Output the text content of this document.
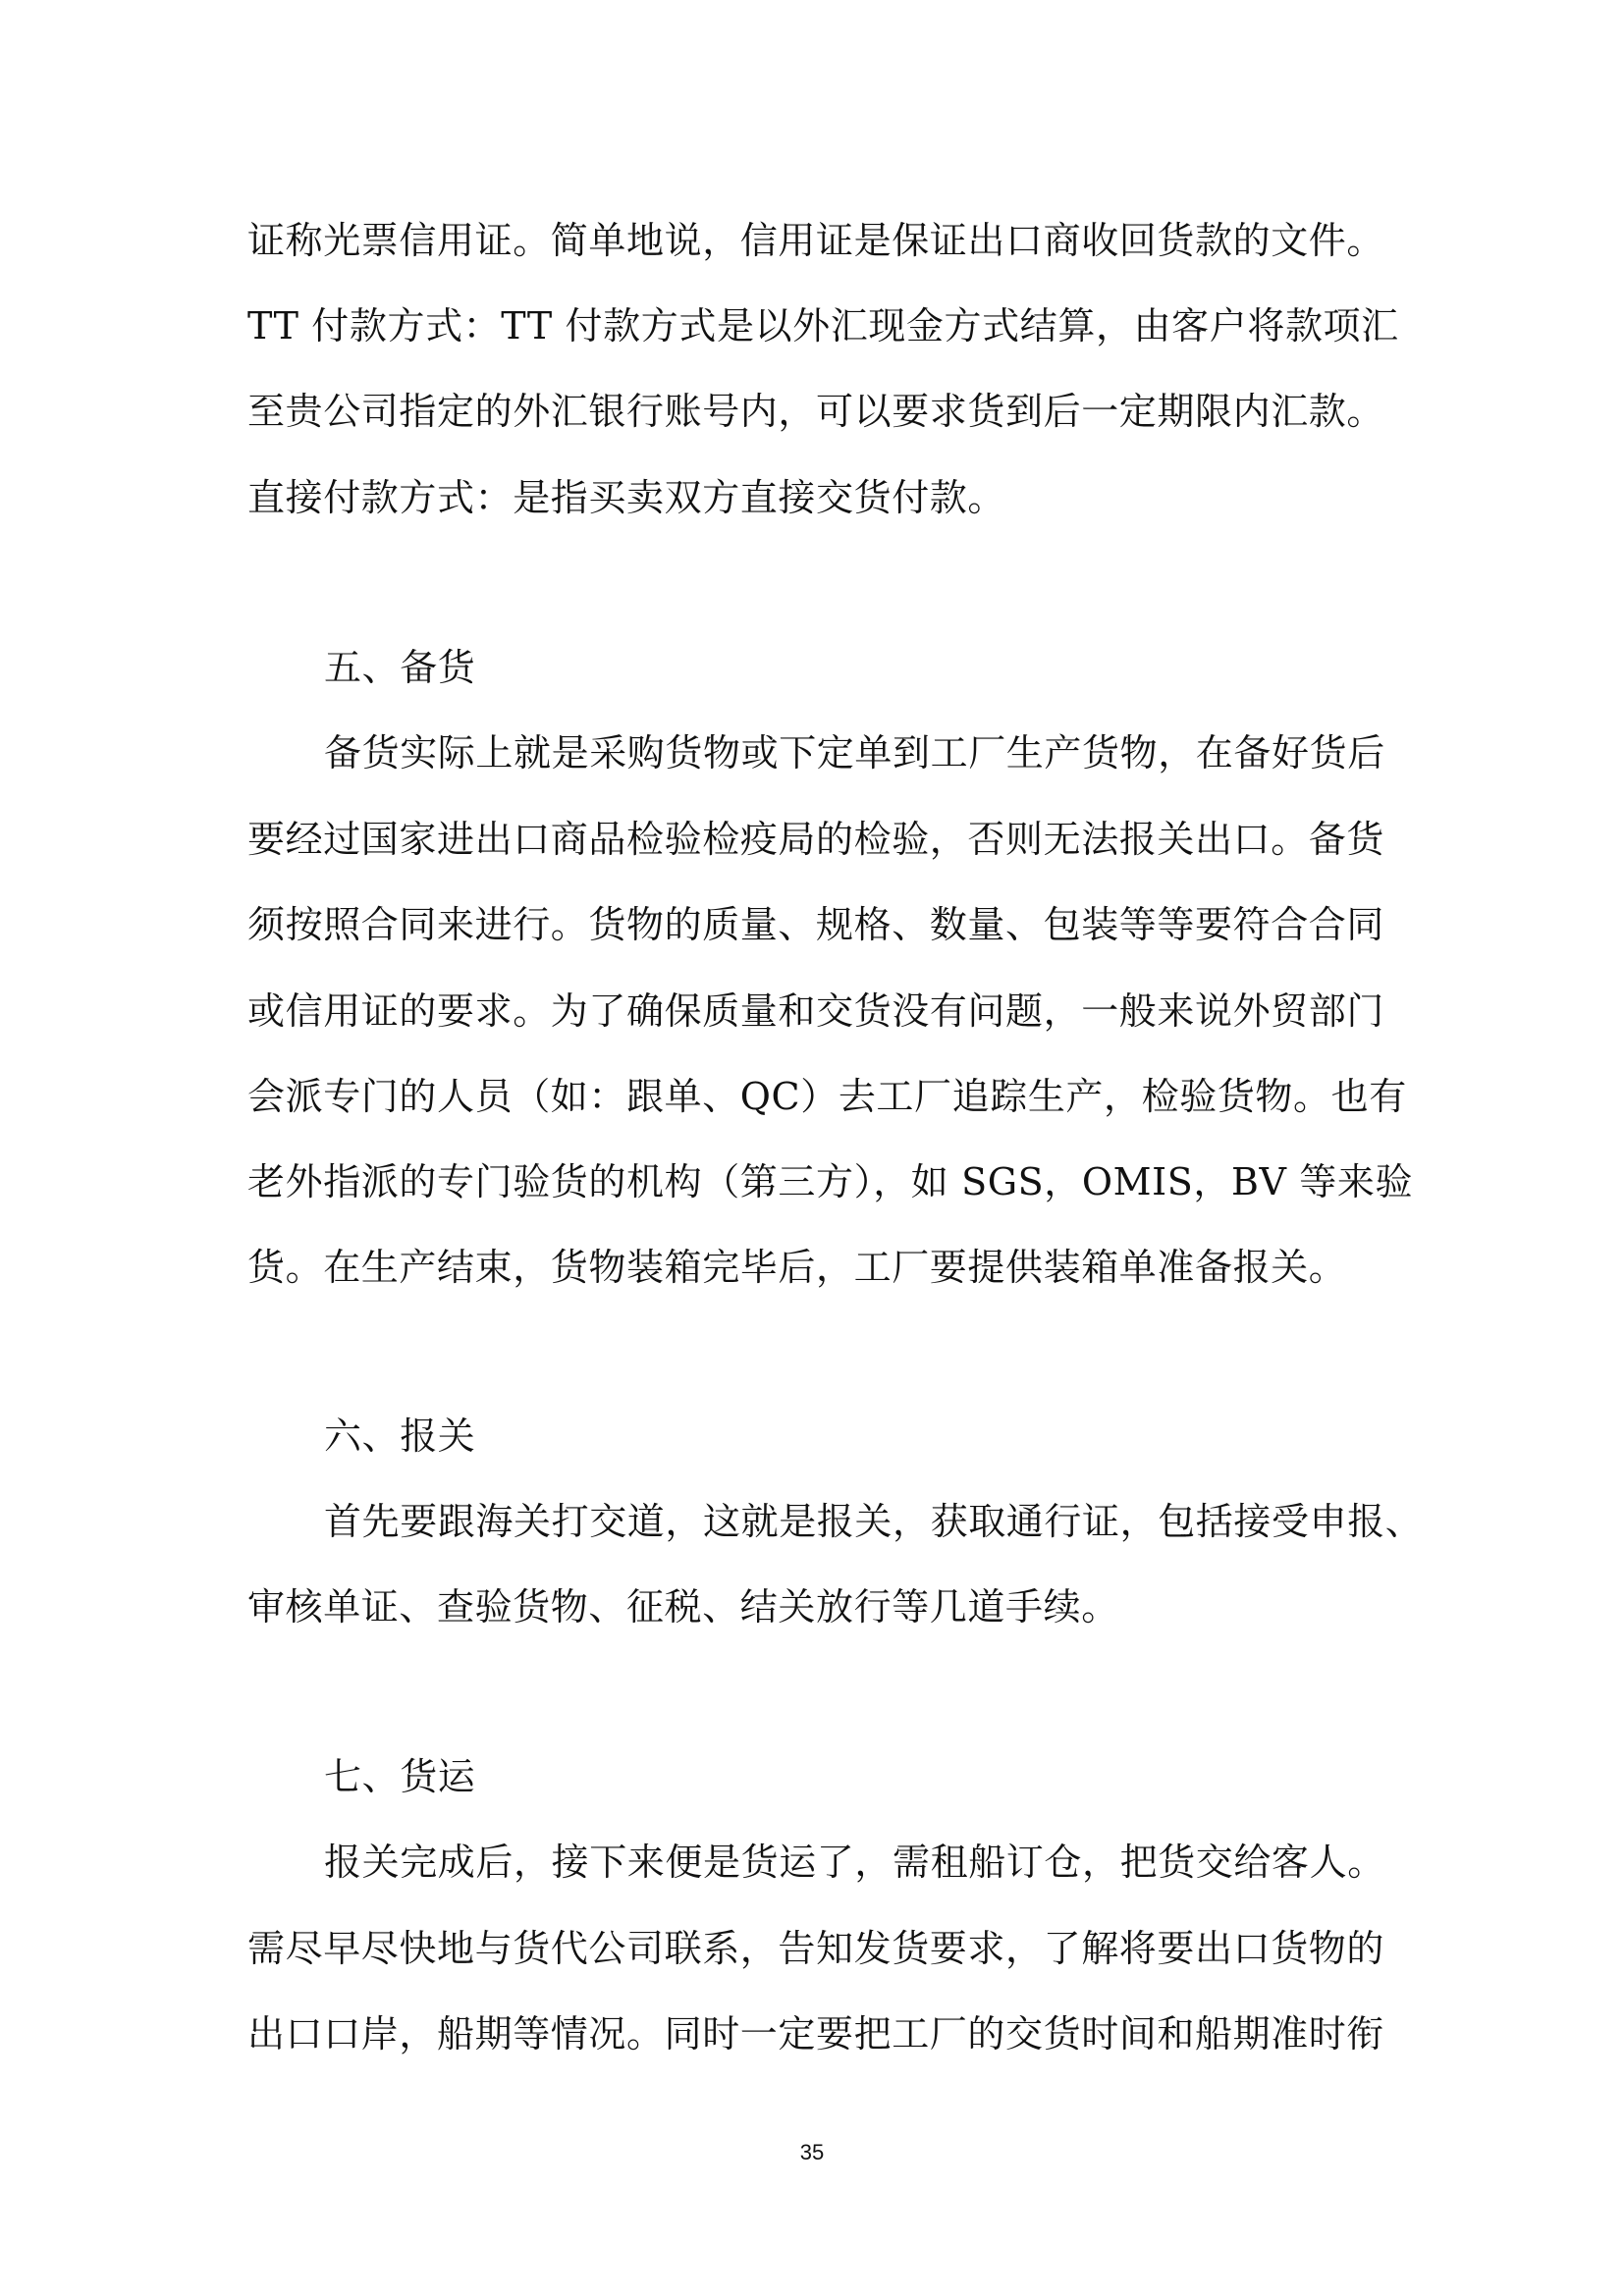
证称光票信用证。简单地说，信用证是保证出口商收回货款的文件。
TT 付款方式：TT 付款方式是以外汇现金方式结算，由客户将款项汇
至贵公司指定的外汇银行账号内，可以要求货到后一定期限内汇款。
直接付款方式：是指买卖双方直接交货付款。
五、备货
备货实际上就是采购货物或下定单到工厂生产货物，在备好货后
要经过国家进出口商品检验检疫局的检验，否则无法报关出口。备货
须按照合同来进行。货物的质量、规格、数量、包装等等要符合合同
或信用证的要求。为了确保质量和交货没有问题，一般来说外贸部门
会派专门的人员（如：跟单、QC）去工厂追踪生产，检验货物。也有
老外指派的专门验货的机构（第三方），如 SGS，OMIS，BV 等来验
货。在生产结束，货物装箱完毕后，工厂要提供装箱单准备报关。
六、报关
首先要跟海关打交道，这就是报关，获取通行证，包括接受申报、
审核单证、查验货物、征税、结关放行等几道手续。
七、货运
报关完成后，接下来便是货运了，需租船订仓，把货交给客人。
需尽早尽快地与货代公司联系，告知发货要求，了解将要出口货物的
出口口岸，船期等情况。同时一定要把工厂的交货时间和船期准时衔
35
